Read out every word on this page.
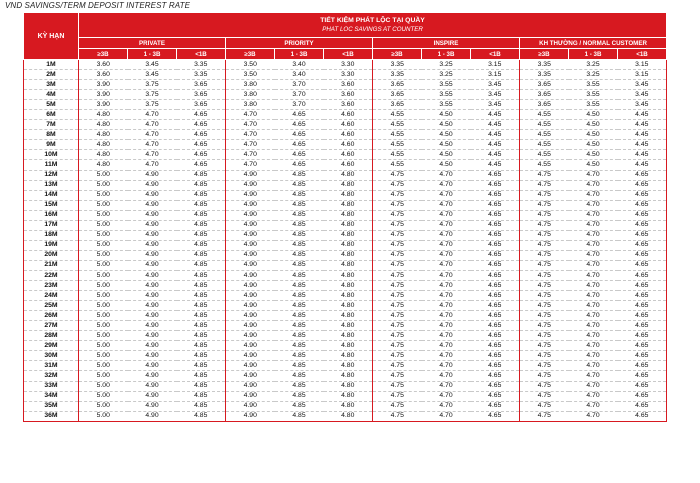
VND SAVINGS/TERM DEPOSIT INTEREST RATE
KỲ HẠN	TIẾT KIỆM PHÁT LỘC TẠI QUẦY
PHAT LOC SAVINGS AT COUNTER											

	PRIVATE			PRIORITY			INSPIRE			KH THƯỜNG / NORMAL CUSTOMER		
	≥3B	1 - 3B	<1B	≥3B	1 - 3B	<1B	≥3B	1 - 3B	<1B	≥3B	1 - 3B	<1B
1M	3.60	3.45	3.35	3.50	3.40	3.30	3.35	3.25	3.15	3.35	3.25	3.15
2M	3.60	3.45	3.35	3.50	3.40	3.30	3.35	3.25	3.15	3.35	3.25	3.15
3M	3.90	3.75	3.65	3.80	3.70	3.60	3.65	3.55	3.45	3.65	3.55	3.45
4M	3.90	3.75	3.65	3.80	3.70	3.60	3.65	3.55	3.45	3.65	3.55	3.45
5M	3.90	3.75	3.65	3.80	3.70	3.60	3.65	3.55	3.45	3.65	3.55	3.45
6M	4.80	4.70	4.65	4.70	4.65	4.60	4.55	4.50	4.45	4.55	4.50	4.45
7M	4.80	4.70	4.65	4.70	4.65	4.60	4.55	4.50	4.45	4.55	4.50	4.45
8M	4.80	4.70	4.65	4.70	4.65	4.60	4.55	4.50	4.45	4.55	4.50	4.45
9M	4.80	4.70	4.65	4.70	4.65	4.60	4.55	4.50	4.45	4.55	4.50	4.45
10M	4.80	4.70	4.65	4.70	4.65	4.60	4.55	4.50	4.45	4.55	4.50	4.45
11M	4.80	4.70	4.65	4.70	4.65	4.60	4.55	4.50	4.45	4.55	4.50	4.45
12M	5.00	4.90	4.85	4.90	4.85	4.80	4.75	4.70	4.65	4.75	4.70	4.65
13M	5.00	4.90	4.85	4.90	4.85	4.80	4.75	4.70	4.65	4.75	4.70	4.65
14M	5.00	4.90	4.85	4.90	4.85	4.80	4.75	4.70	4.65	4.75	4.70	4.65
15M	5.00	4.90	4.85	4.90	4.85	4.80	4.75	4.70	4.65	4.75	4.70	4.65
16M	5.00	4.90	4.85	4.90	4.85	4.80	4.75	4.70	4.65	4.75	4.70	4.65
17M	5.00	4.90	4.85	4.90	4.85	4.80	4.75	4.70	4.65	4.75	4.70	4.65
18M	5.00	4.90	4.85	4.90	4.85	4.80	4.75	4.70	4.65	4.75	4.70	4.65
19M	5.00	4.90	4.85	4.90	4.85	4.80	4.75	4.70	4.65	4.75	4.70	4.65
20M	5.00	4.90	4.85	4.90	4.85	4.80	4.75	4.70	4.65	4.75	4.70	4.65
21M	5.00	4.90	4.85	4.90	4.85	4.80	4.75	4.70	4.65	4.75	4.70	4.65
22M	5.00	4.90	4.85	4.90	4.85	4.80	4.75	4.70	4.65	4.75	4.70	4.65
23M	5.00	4.90	4.85	4.90	4.85	4.80	4.75	4.70	4.65	4.75	4.70	4.65
24M	5.00	4.90	4.85	4.90	4.85	4.80	4.75	4.70	4.65	4.75	4.70	4.65
25M	5.00	4.90	4.85	4.90	4.85	4.80	4.75	4.70	4.65	4.75	4.70	4.65
26M	5.00	4.90	4.85	4.90	4.85	4.80	4.75	4.70	4.65	4.75	4.70	4.65
27M	5.00	4.90	4.85	4.90	4.85	4.80	4.75	4.70	4.65	4.75	4.70	4.65
28M	5.00	4.90	4.85	4.90	4.85	4.80	4.75	4.70	4.65	4.75	4.70	4.65
29M	5.00	4.90	4.85	4.90	4.85	4.80	4.75	4.70	4.65	4.75	4.70	4.65
30M	5.00	4.90	4.85	4.90	4.85	4.80	4.75	4.70	4.65	4.75	4.70	4.65
31M	5.00	4.90	4.85	4.90	4.85	4.80	4.75	4.70	4.65	4.75	4.70	4.65
32M	5.00	4.90	4.85	4.90	4.85	4.80	4.75	4.70	4.65	4.75	4.70	4.65
33M	5.00	4.90	4.85	4.90	4.85	4.80	4.75	4.70	4.65	4.75	4.70	4.65
34M	5.00	4.90	4.85	4.90	4.85	4.80	4.75	4.70	4.65	4.75	4.70	4.65
35M	5.00	4.90	4.85	4.90	4.85	4.80	4.75	4.70	4.65	4.75	4.70	4.65
36M	5.00	4.90	4.85	4.90	4.85	4.80	4.75	4.70	4.65	4.75	4.70	4.65
